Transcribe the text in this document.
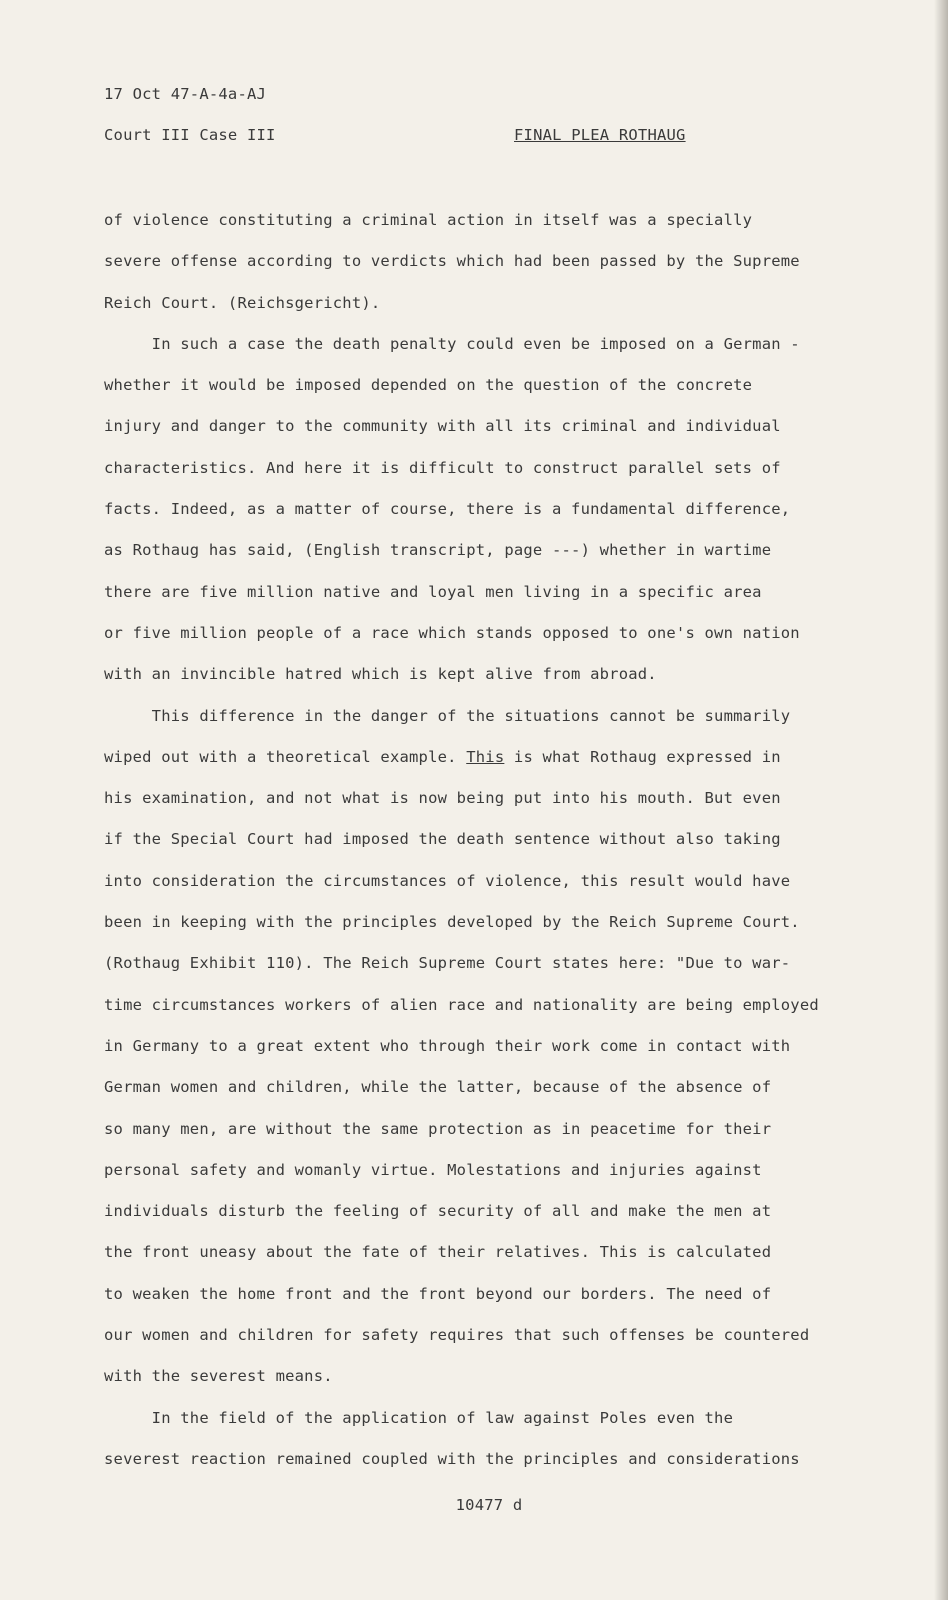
17 Oct 47-A-4a-AJ
Court III Case III	FINAL PLEA ROTHAUG
of violence constituting a criminal action in itself was a specially
severe offense according to verdicts which had been passed by the Supreme
Reich Court. (Reichsgericht).
In such a case the death penalty could even be imposed on a German -
whether it would be imposed depended on the question of the concrete
injury and danger to the community with all its criminal and individual
characteristics. And here it is difficult to construct parallel sets of
facts. Indeed, as a matter of course, there is a fundamental difference,
as Rothaug has said, (English transcript, page ---) whether in wartime
there are five million native and loyal men living in a specific area
or five million people of a race which stands opposed to one's own nation
with an invincible hatred which is kept alive from abroad.
This difference in the danger of the situations cannot be summarily
wiped out with a theoretical example. This is what Rothaug expressed in
his examination, and not what is now being put into his mouth. But even
if the Special Court had imposed the death sentence without also taking
into consideration the circumstances of violence, this result would have
been in keeping with the principles developed by the Reich Supreme Court.
(Rothaug Exhibit 110). The Reich Supreme Court states here: "Due to war-
time circumstances workers of alien race and nationality are being employed
in Germany to a great extent who through their work come in contact with
German women and children, while the latter, because of the absence of
so many men, are without the same protection as in peacetime for their
personal safety and womanly virtue. Molestations and injuries against
individuals disturb the feeling of security of all and make the men at
the front uneasy about the fate of their relatives. This is calculated
to weaken the home front and the front beyond our borders. The need of
our women and children for safety requires that such offenses be countered
with the severest means.
In the field of the application of law against Poles even the
severest reaction remained coupled with the principles and considerations
10477 d
